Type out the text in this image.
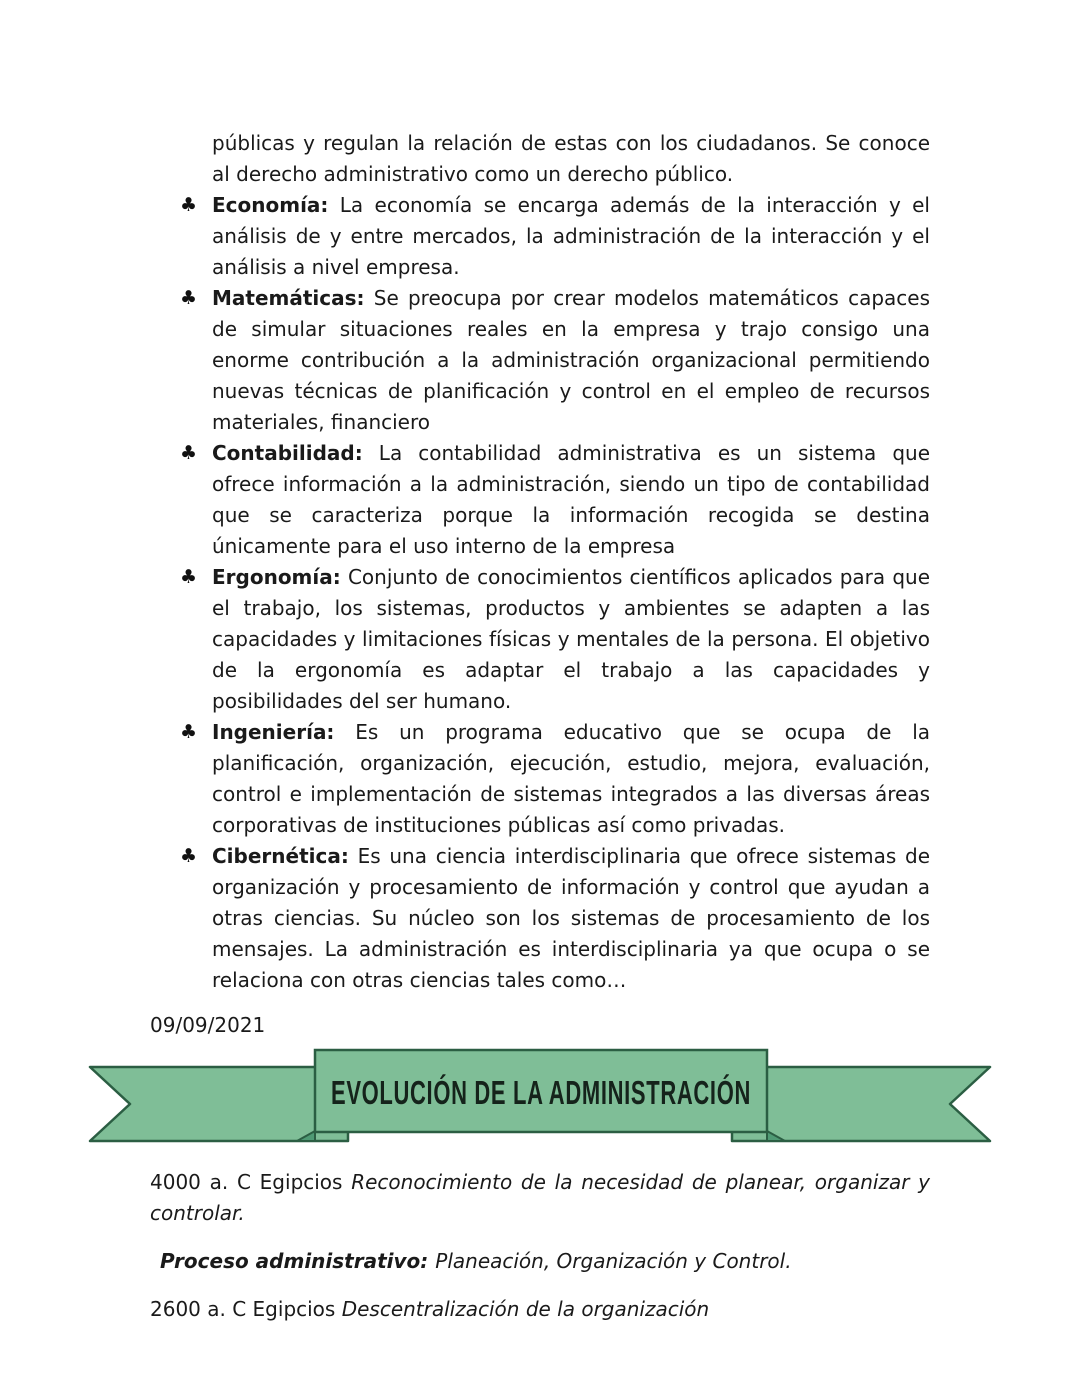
públicas y regulan la relación de estas con los ciudadanos. Se conoce al derecho administrativo como un derecho público.

♣ Economía: La economía se encarga además de la interacción y el análisis de y entre mercados, la administración de la interacción y el análisis a nivel empresa.
♣ Matemáticas: Se preocupa por crear modelos matemáticos capaces de simular situaciones reales en la empresa y trajo consigo una enorme contribución a la administración organizacional permitiendo nuevas técnicas de planificación y control en el empleo de recursos materiales, financiero
♣ Contabilidad: La contabilidad administrativa es un sistema que ofrece información a la administración, siendo un tipo de contabilidad que se caracteriza porque la información recogida se destina únicamente para el uso interno de la empresa
♣ Ergonomía: Conjunto de conocimientos científicos aplicados para que el trabajo, los sistemas, productos y ambientes se adapten a las capacidades y limitaciones físicas y mentales de la persona. El objetivo de la ergonomía es adaptar el trabajo a las capacidades y posibilidades del ser humano.
♣ Ingeniería: Es un programa educativo que se ocupa de la planificación, organización, ejecución, estudio, mejora, evaluación, control e implementación de sistemas integrados a las diversas áreas corporativas de instituciones públicas así como privadas.
♣ Cibernética: Es una ciencia interdisciplinaria que ofrece sistemas de organización y procesamiento de información y control que ayudan a otras ciencias. Su núcleo son los sistemas de procesamiento de los mensajes. La administración es interdisciplinaria ya que ocupa o se relaciona con otras ciencias tales como…

09/09/2021

EVOLUCIÓN DE LA ADMINISTRACIÓN

4000 a. C Egipcios Reconocimiento de la necesidad de planear, organizar y controlar.

Proceso administrativo: Planeación, Organización y Control.

2600 a. C Egipcios Descentralización de la organización
